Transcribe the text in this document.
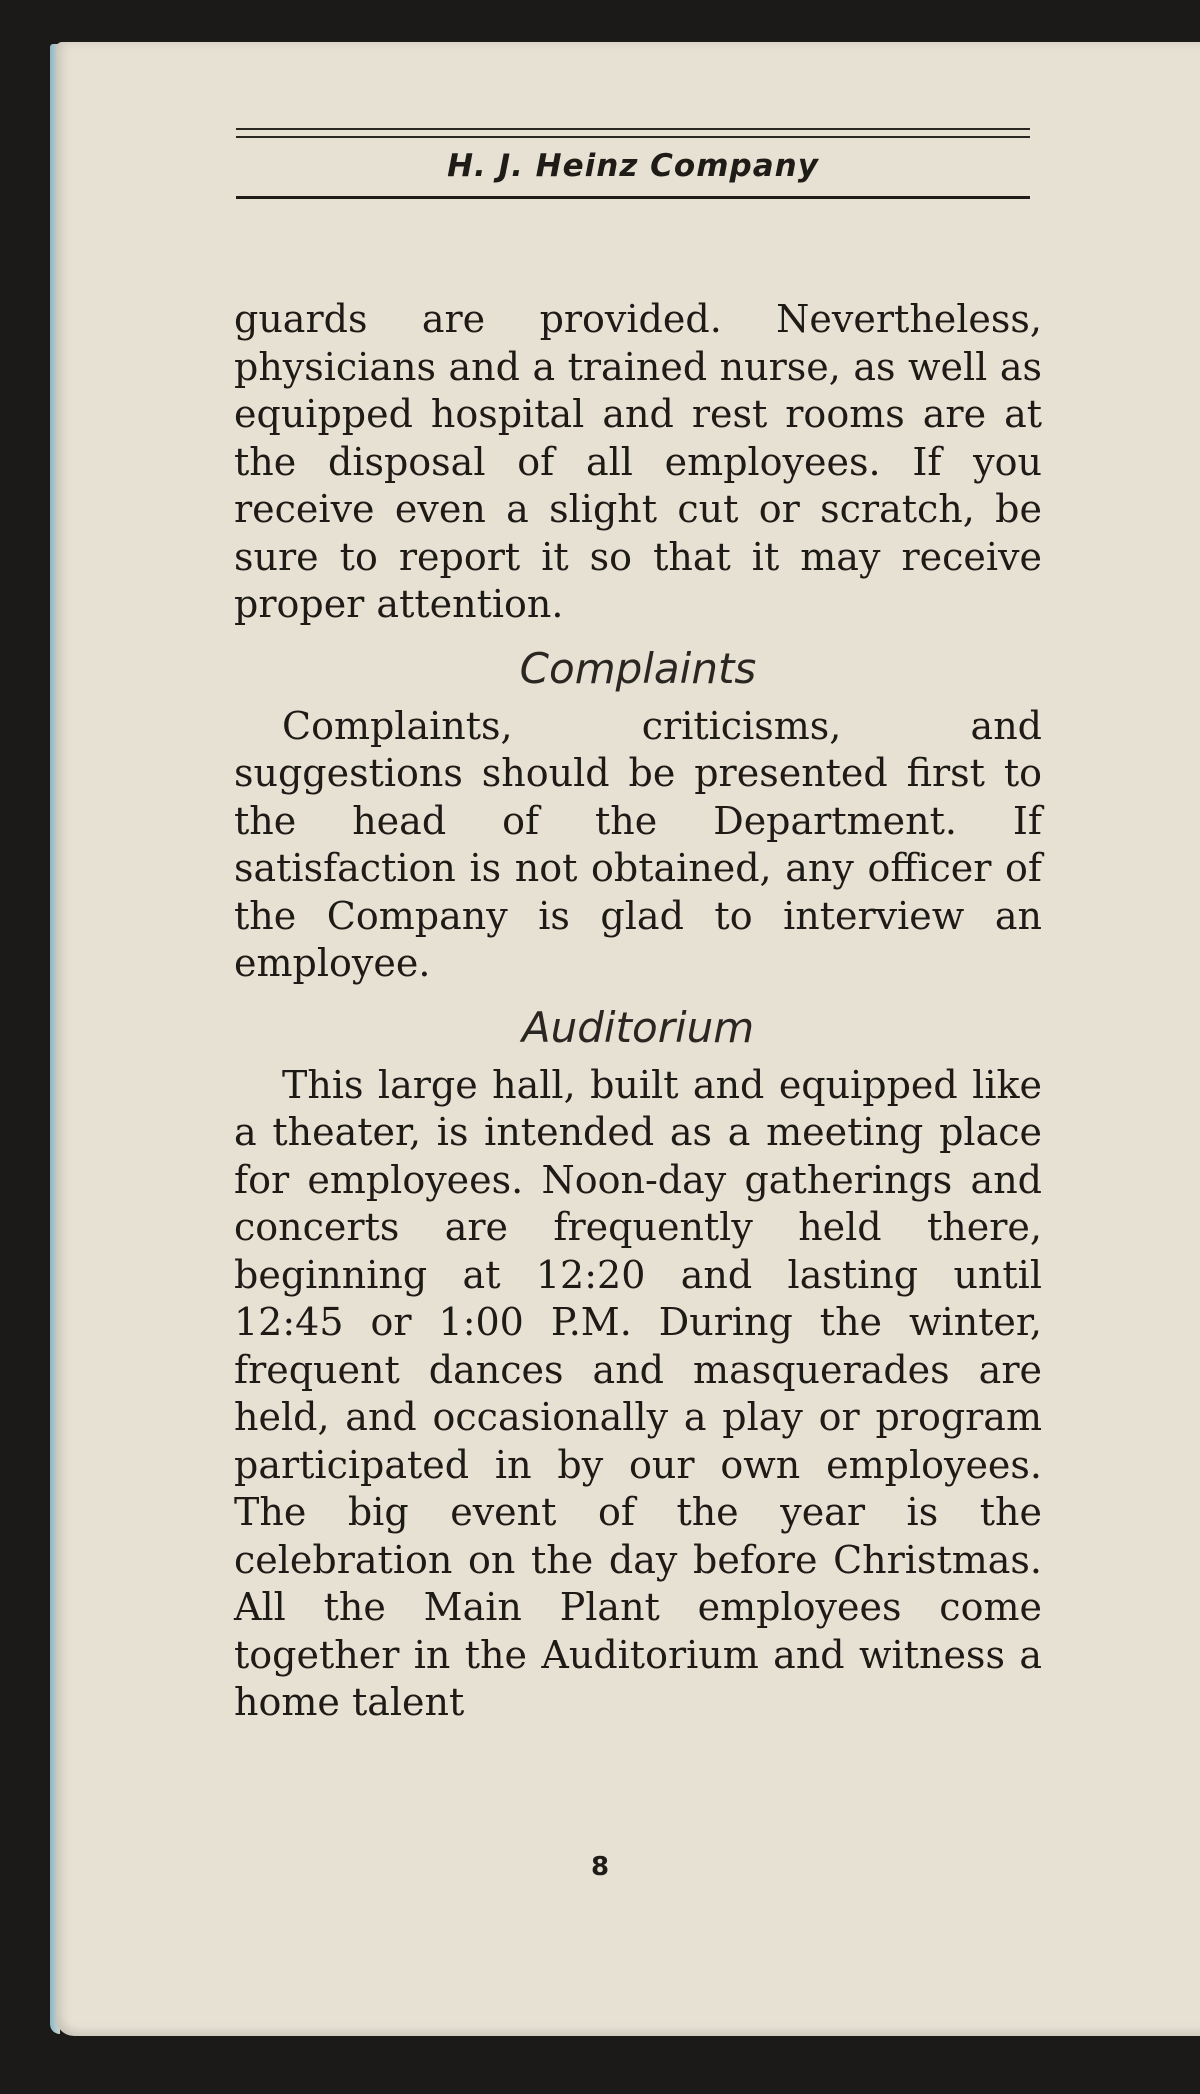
H. J. Heinz Company

guards are provided. Nevertheless, physicians and a trained nurse, as well as equipped hospital and rest rooms are at the disposal of all employees. If you receive even a slight cut or scratch, be sure to report it so that it may receive proper attention.

Complaints

Complaints, criticisms, and suggestions should be presented first to the head of the Department. If satisfaction is not obtained, any officer of the Company is glad to interview an employee.

Auditorium

This large hall, built and equipped like a theater, is intended as a meeting place for employees. Noon-day gatherings and concerts are frequently held there, beginning at 12:20 and lasting until 12:45 or 1:00 P.M. During the winter, frequent dances and masquerades are held, and occasionally a play or program participated in by our own employees. The big event of the year is the celebration on the day before Christmas. All the Main Plant employees come together in the Auditorium and witness a home talent

8
